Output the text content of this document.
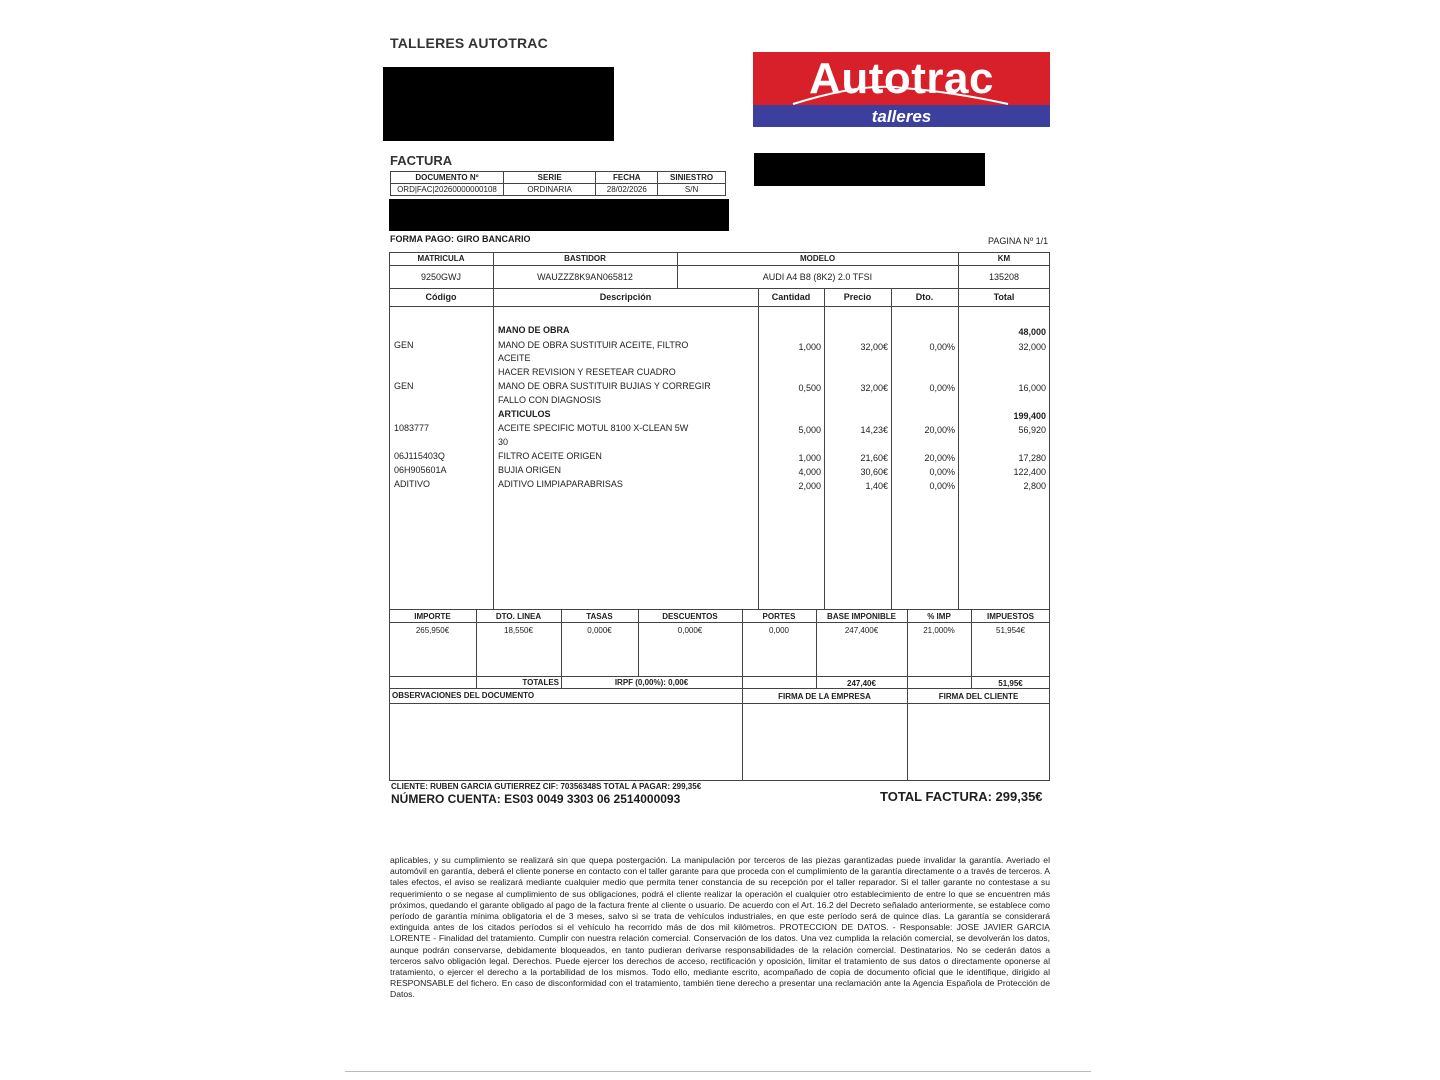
TALLERES AUTOTRAC
Autotrac
talleres
FACTURA
DOCUMENTO Nº	SERIE	FECHA	SINIESTRO
ORD|FAC|20260000000108	ORDINARIA	28/02/2026	S/N
FORMA PAGO: GIRO BANCARIO	PAGINA Nº 1/1
MATRICULA	BASTIDOR	MODELO	KM
9250GWJ	WAUZZZ8K9AN065812	AUDI A4 B8 (8K2) 2.0 TFSI	135208
Código	Descripción	Cantidad	Precio	Dto.	Total
MANO DE OBRA	48,000
GEN	MANO DE OBRA SUSTITUIR ACEITE, FILTRO	1,000	32,00€	0,00%	32,000
ACEITE
HACER REVISION Y RESETEAR CUADRO
GEN	MANO DE OBRA SUSTITUIR BUJIAS Y CORREGIR	0,500	32,00€	0,00%	16,000
FALLO CON DIAGNOSIS
ARTICULOS	199,400
1083777	ACEITE SPECIFIC MOTUL 8100 X-CLEAN 5W	5,000	14,23€	20,00%	56,920
30
06J115403Q	FILTRO ACEITE ORIGEN	1,000	21,60€	20,00%	17,280
06H905601A	BUJIA ORIGEN	4,000	30,60€	0,00%	122,400
ADITIVO	ADITIVO LIMPIAPARABRISAS	2,000	1,40€	0,00%	2,800
IMPORTE	DTO. LINEA	TASAS	DESCUENTOS	PORTES	BASE IMPONIBLE	% IMP	IMPUESTOS
265,950€	18,550€	0,000€	0,000€	0,000	247,400€	21,000%	51,954€
TOTALES	IRPF (0,00%): 0,00€	247,40€	51,95€
OBSERVACIONES DEL DOCUMENTO	FIRMA DE LA EMPRESA	FIRMA DEL CLIENTE
CLIENTE: RUBEN GARCIA GUTIERREZ CIF: 70356348S TOTAL A PAGAR: 299,35€
NÚMERO CUENTA: ES03 0049 3303 06 2514000093	TOTAL FACTURA: 299,35€
aplicables, y su cumplimiento se realizará sin que quepa postergación. La manipulación por terceros de las piezas garantizadas puede invalidar la garantía. Averiado el automóvil en garantía, deberá el cliente ponerse en contacto con el taller garante para que proceda con el cumplimiento de la garantía directamente o a través de terceros. A tales efectos, el aviso se realizará mediante cualquier medio que permita tener constancia de su recepción por el taller reparador. Si el taller garante no contestase a su requerimiento o se negase al cumplimiento de sus obligaciones, podrá el cliente realizar la operación el cualquier otro establecimiento de entre lo que se encuentren más próximos, quedando el garante obligado al pago de la factura frente al cliente o usuario. De acuerdo con el Art. 16.2 del Decreto señalado anteriormente, se establece como período de garantía mínima obligatoria el de 3 meses, salvo si se trata de vehículos industriales, en que este período será de quince días. La garantía se considerará extinguida antes de los citados períodos si el vehículo ha recorrido más de dos mil kilómetros. PROTECCION DE DATOS. - Responsable: JOSE JAVIER GARCIA LORENTE - Finalidad del tratamiento. Cumplir con nuestra relación comercial. Conservación de los datos. Una vez cumplida la relación comercial, se devolverán los datos, aunque podrán conservarse, debidamente bloqueados, en tanto pudieran derivarse responsabilidades de la relación comercial. Destinatarios. No se cederán datos a terceros salvo obligación legal. Derechos. Puede ejercer los derechos de acceso, rectificación y oposición, limitar el tratamiento de sus datos o directamente oponerse al tratamiento, o ejercer el derecho a la portabilidad de los mismos. Todo ello, mediante escrito, acompañado de copia de documento oficial que le identifique, dirigido al RESPONSABLE del fichero. En caso de disconformidad con el tratamiento, también tiene derecho a presentar una reclamación ante la Agencia Española de Protección de Datos.
